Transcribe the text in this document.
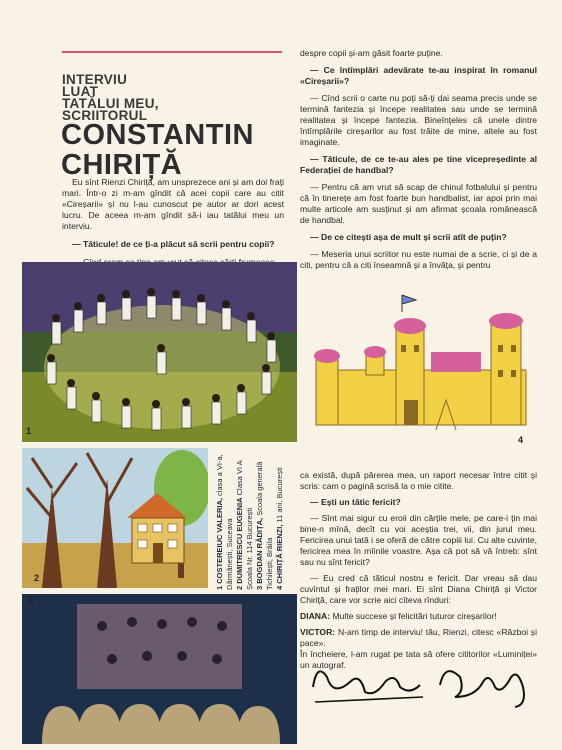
INTERVIU
LUAT
TATĂLUI MEU,
SCRIITORUL
CONSTANTIN
CHIRIȚĂ

Eu sînt Rienzi Chiriță, am unsprezece ani și am doi frați mari. Într-o zi m-am gîndit că acei copii care au citit «Cireșarii» și nu l-au cunoscut pe autor ar dori acest lucru. De aceea m-am gîndit să-i iau tatălui meu un interviu.

— Tăticule! de ce ți-a plăcut să scrii pentru copii?

despre copii și-am găsit foarte puține.

— Ce întîmplări adevărate te-au inspirat în romanul «Cireșarii»?

— Cînd scrii o carte nu poți să-ți dai seama precis unde se termină fantezia și începe realitatea sau unde se termină realitatea și începe fantezia. Bineînțeles că unele dintre întîmplările cireșarilor au fost trăite de mine, altele au fost imaginate.

— Tăticule, de ce te-au ales pe tine vicepreședinte al Federației de handbal?

— Pentru că am vrut să scap de chinul fotbalului și pentru că în tinerețe am fost foarte bun handbalist, iar apoi prin mai multe articole am susținut și am afirmat școala românească de handbal.

— De ce citești așa de mult și scrii atît de puțin?

— Meseria unui scriitor nu este numai de a scrie, ci și de a citi, pentru că a citi înseamnă și a învăța, și pentru

1
2
1 COSTEREIUC VALERIA, clasa a VI-a, Dărmănești, Suceava 2 DUMITRESCU EUGENIA Clasa VI A Școala Nr. 114 București 3 BOGDAN RĂDIȚA, Școala generală Tichilești, Brăila 4 CHIRIȚĂ RIENZI, 11 ani, București
3
4

ca există, după părerea mea, un raport necesar între citit și scris: cam o pagină scrisă la o mie citite.

— Ești un tătic fericit?

— Sînt mai sigur cu eroii din cărțile mele, pe care-i țin mai bine-n mînă, decît cu voi aceștia trei, vii, din jurul meu. Fericirea unui tată i se oferă de către copiii lui. Cu alte cuvinte, fericirea mea în mîinile voastre. Așa că pot să vă întreb: sînt sau nu sînt fericit?

— Eu cred că tăticul nostru e fericit. Dar vreau să dau cuvîntul și fraților mei mari. Ei sînt Diana Chiriță și Victor Chiriță, care vor scrie aici cîteva rînduri:

DIANA: Multe succese și felicitări tuturor cireșarilor!

VICTOR: N-am timp de interviu! tău, Rienzi, citesc «Război și pace».

În încheiere, l-am rugat pe tata să ofere cititorilor «Luminiței» un autograf.
